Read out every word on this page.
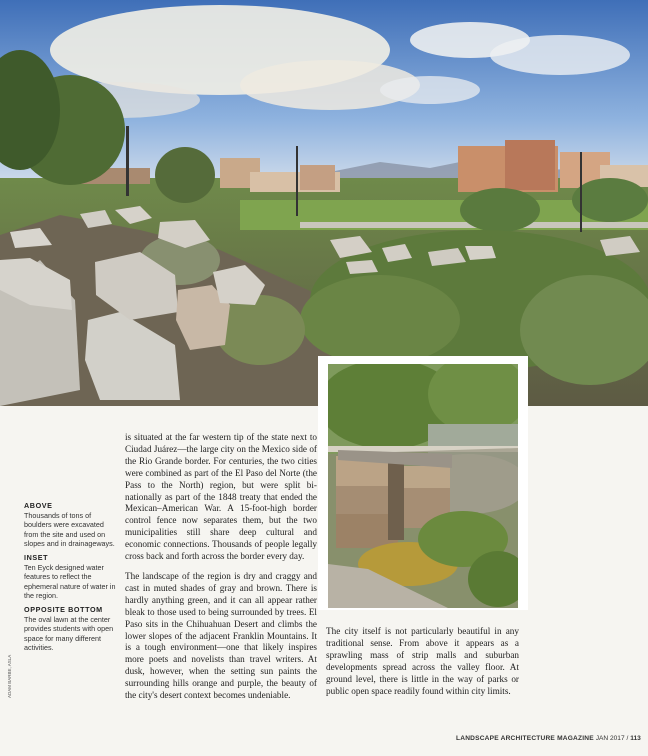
ABOVE
Thousands of tons of boulders were excavated from the site and used on slopes and in drainageways.
INSET
Ten Eyck designed water features to reflect the ephemeral nature of water in the region.
OPPOSITE BOTTOM
The oval lawn at the center provides students with open space for many different activities.
ADAM BARBE, ASLA

is situated at the far western tip of the state next to Ciudad Juárez—the large city on the Mexico side of the Rio Grande border. For centuries, the two cities were combined as part of the El Paso del Norte (the Pass to the North) region, but were split bi-nationally as part of the 1848 treaty that ended the Mexican–American War. A 15-foot-high border control fence now separates them, but the two municipalities still share deep cultural and economic connections. Thousands of people legally cross back and forth across the border every day.

The landscape of the region is dry and craggy and cast in muted shades of gray and brown. There is hardly anything green, and it can all appear rather bleak to those used to being surrounded by trees. El Paso sits in the Chihuahuan Desert and climbs the lower slopes of the adjacent Franklin Mountains. It is a tough environment—one that likely inspires more poets and novelists than travel writers. At dusk, however, when the setting sun paints the surrounding hills orange and purple, the beauty of the city's desert context becomes undeniable.

The city itself is not particularly beautiful in any traditional sense. From above it appears as a sprawling mass of strip malls and suburban developments spread across the valley floor. At ground level, there is little in the way of parks or public open space readily found within city limits.

LANDSCAPE ARCHITECTURE MAGAZINE JAN 2017 / 113
